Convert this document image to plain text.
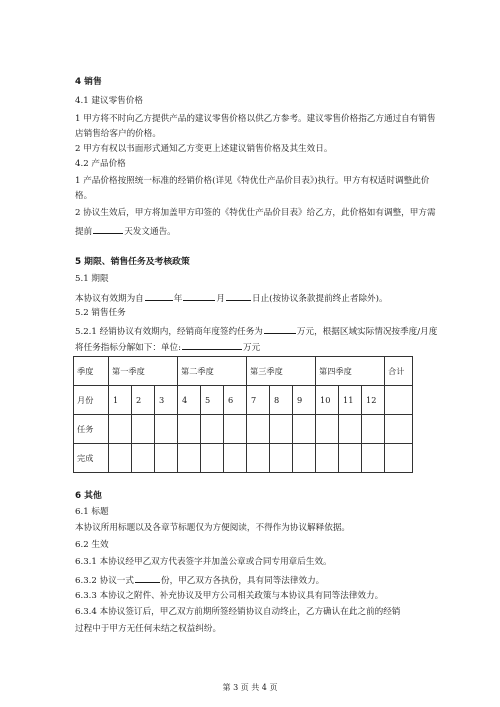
4 销售
4.1 建议零售价格
1 甲方将不时向乙方提供产品的建议零售价格以供乙方参考。建议零售价格指乙方通过自有销售
店销售给客户的价格。
2 甲方有权以书面形式通知乙方变更上述建议销售价格及其生效日。
4.2 产品价格
1 产品价格按照统一标准的经销价格(详见《特优仕产品价目表》)执行。甲方有权适时调整此价
格。
2 协议生效后，甲方将加盖甲方印签的《特优仕产品价目表》给乙方，此价格如有调整，甲方需
提前	天发文通告。
5 期限、销售任务及考核政策
5.1 期限
本协议有效期为自	年	月	日止(按协议条款提前终止者除外)。
5.2 销售任务
5.2.1 经销协议有效期内，经销商年度签约任务为	万元，根据区域实际情况按季度/月度
将任务指标分解如下：单位:	万元
季度	第一季度			第二季度			第三季度			第四季度			合计
月份	1	2	3	4	5	6	7	8	9	10	11	12	
任务													
完成													
6 其他
6.1 标题
本协议所用标题以及各章节标题仅为方便阅读，不得作为协议解释依据。
6.2 生效
6.3.1 本协议经甲乙双方代表签字并加盖公章或合同专用章后生效。
6.3.2 协议一式	份，甲乙双方各执份，具有同等法律效力。
6.3.3 本协议之附件、补充协议及甲方公司相关政策与本协议具有同等法律效力。
6.3.4 本协议签订后，甲乙双方前期所签经销协议自动终止，乙方确认在此之前的经销
过程中于甲方无任何未结之权益纠纷。
第 3 页 共 4 页
